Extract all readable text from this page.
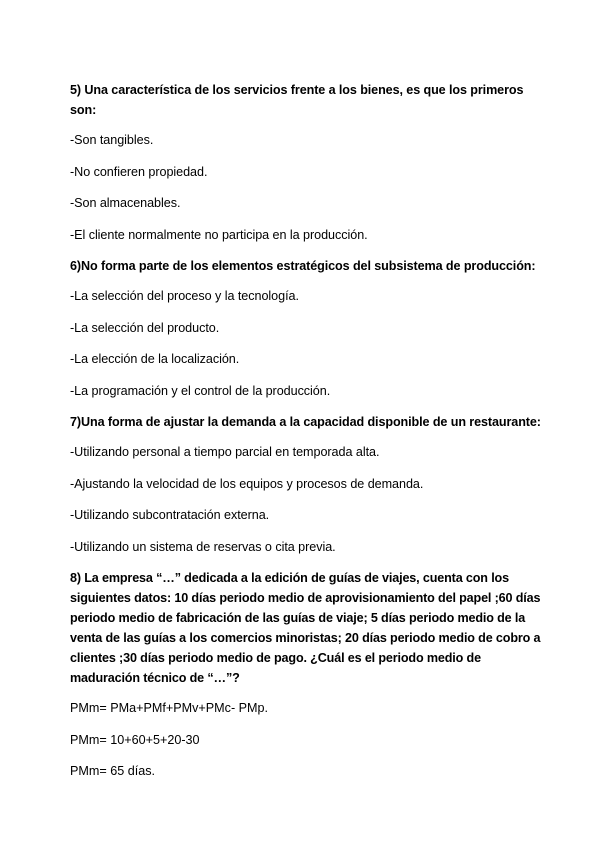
5) Una característica de los servicios frente a los bienes, es que los primeros son:

-Son tangibles.

-No confieren propiedad.

-Son almacenables.

-El cliente normalmente no participa en la producción.

6)No forma parte de los elementos estratégicos del subsistema de producción:

-La selección del proceso y la tecnología.

-La selección del producto.

-La elección de la localización.

-La programación y el control de la producción.

7)Una forma de ajustar la demanda a la capacidad disponible de un restaurante:

-Utilizando personal a tiempo parcial en temporada alta.

-Ajustando la velocidad de los equipos y procesos de demanda.

-Utilizando subcontratación externa.

-Utilizando un sistema de reservas o cita previa.

8) La empresa “…” dedicada a la edición de guías de viajes, cuenta con los siguientes datos: 10 días periodo medio de aprovisionamiento del papel ;60 días periodo medio de fabricación de las guías de viaje; 5 días periodo medio de la venta de las guías a los comercios minoristas; 20 días periodo medio de cobro a clientes ;30 días periodo medio de pago. ¿Cuál es el periodo medio de maduración técnico de “…”?

PMm= PMa+PMf+PMv+PMc- PMp.

PMm= 10+60+5+20-30

PMm= 65 días.
